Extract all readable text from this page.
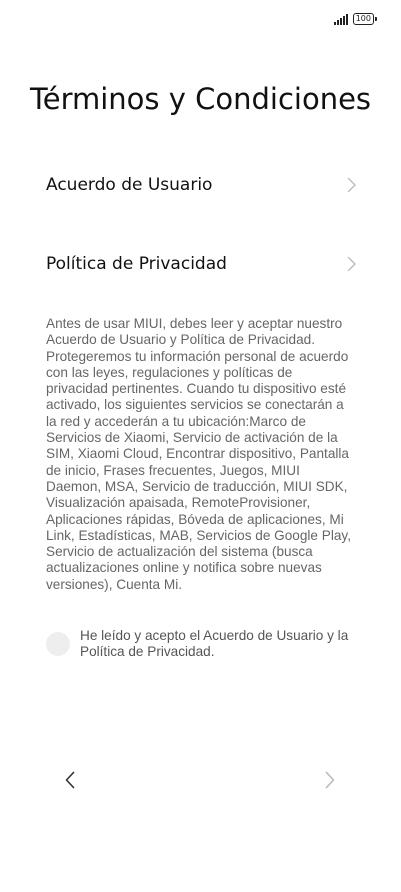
100
Términos y Condiciones
Acuerdo de Usuario
Política de Privacidad

Antes de usar MIUI, debes leer y aceptar nuestro Acuerdo de Usuario y Política de Privacidad. Protegeremos tu información personal de acuerdo con las leyes, regulaciones y políticas de privacidad pertinentes. Cuando tu dispositivo esté activado, los siguientes servicios se conectarán a la red y accederán a tu ubicación:Marco de Servicios de Xiaomi, Servicio de activación de la SIM, Xiaomi Cloud, Encontrar dispositivo, Pantalla de inicio, Frases frecuentes, Juegos, MIUI Daemon, MSA, Servicio de traducción, MIUI SDK, Visualización apaisada, RemoteProvisioner, Aplicaciones rápidas, Bóveda de aplicaciones, Mi Link, Estadísticas, MAB, Servicios de Google Play, Servicio de actualización del sistema (busca actualizaciones online y notifica sobre nuevas versiones), Cuenta Mi.

He leído y acepto el Acuerdo de Usuario y la Política de Privacidad.
